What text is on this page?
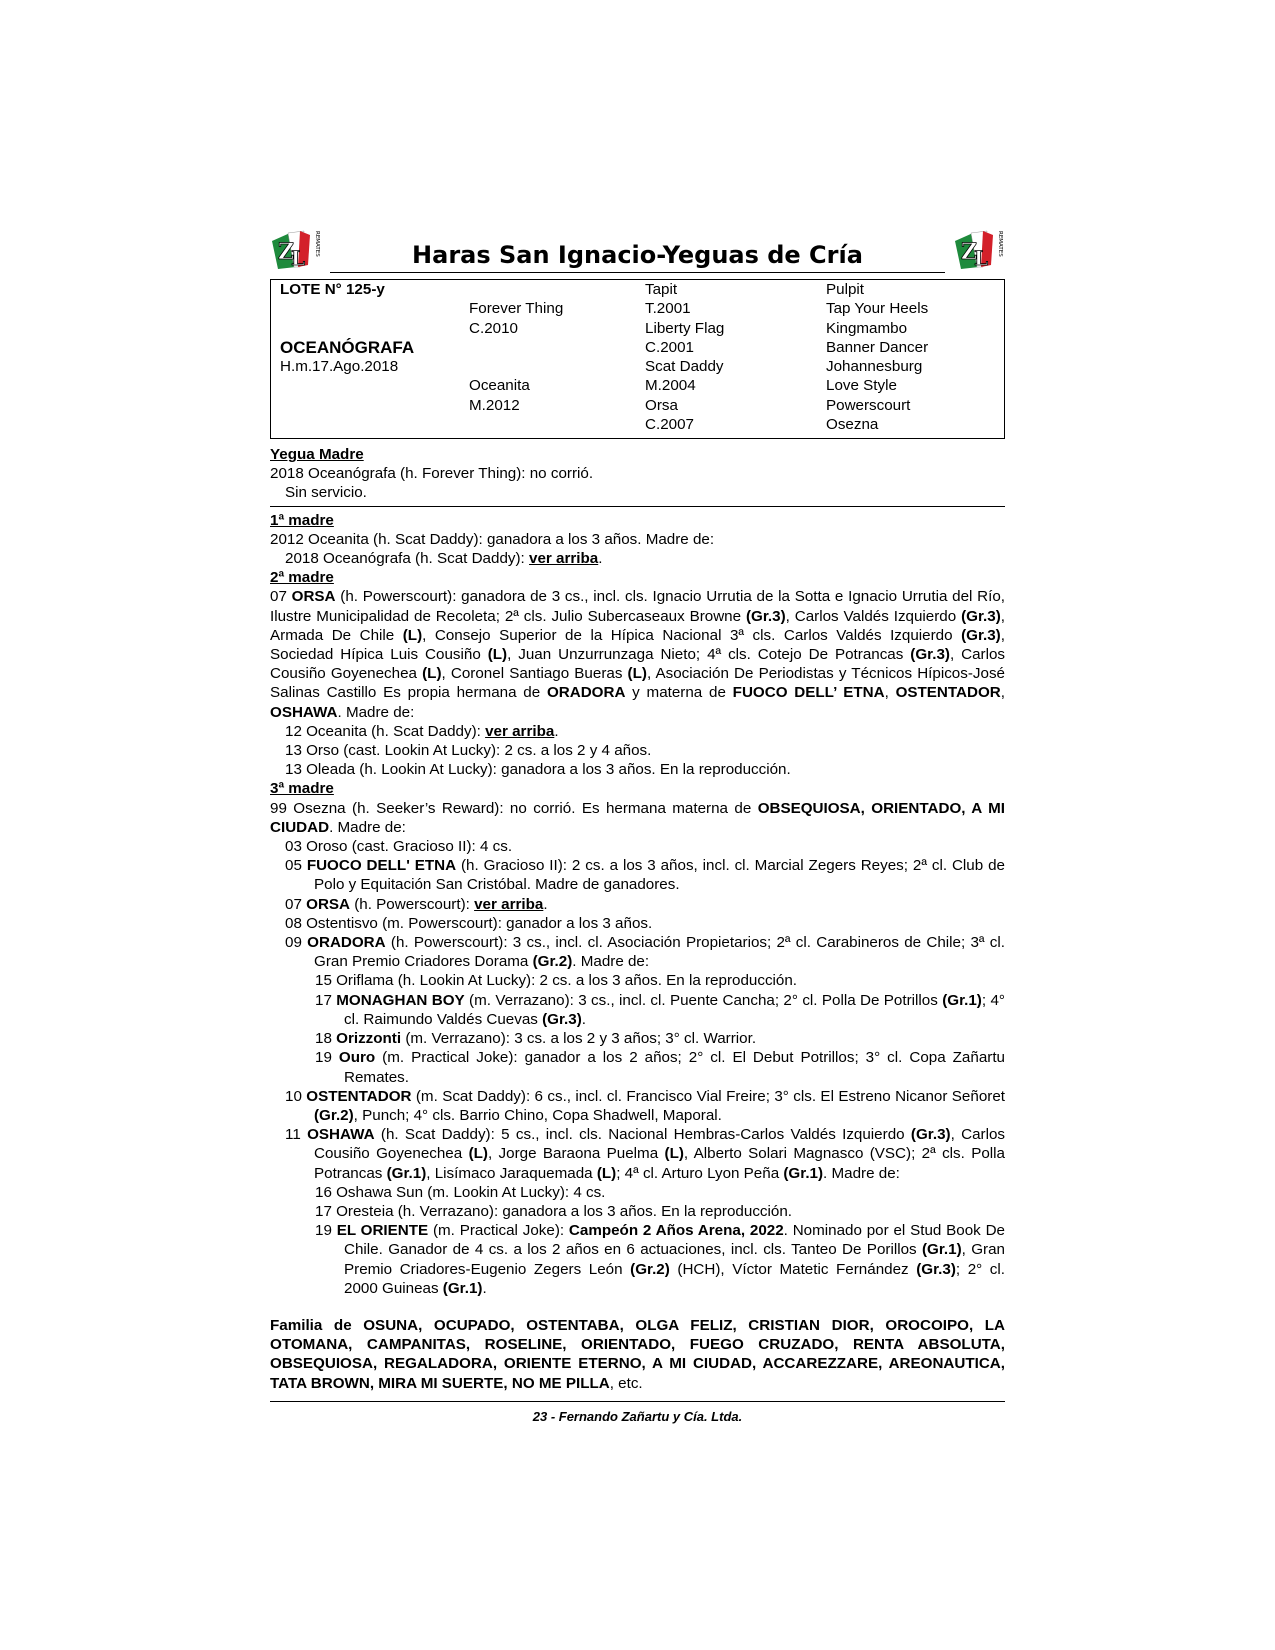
Z
L
REMATES	Haras San Ignacio-Yeguas de Cría	Z
L
REMATES
LOTE N° 125-y
OCEANÓGRAFA
H.m.17.Ago.2018
Forever Thing
C.2010
Oceanita
M.2012
Tapit
T.2001
Liberty Flag
C.2001
Scat Daddy
M.2004
Orsa
C.2007
Pulpit
Tap Your Heels
Kingmambo
Banner Dancer
Johannesburg
Love Style
Powerscourt
Osezna
Yegua Madre

2018 Oceanógrafa (h. Forever Thing): no corrió.

Sin servicio.

1ª madre

2012 Oceanita (h. Scat Daddy): ganadora a los 3 años. Madre de:

2018 Oceanógrafa (h. Scat Daddy): ver arriba.

2ª madre

07 ORSA (h. Powerscourt): ganadora de 3 cs., incl. cls. Ignacio Urrutia de la Sotta e Ignacio Urrutia del Río, Ilustre Municipalidad de Recoleta; 2ª cls. Julio Subercaseaux Browne (Gr.3), Carlos Valdés Izquierdo (Gr.3), Armada De Chile (L), Consejo Superior de la Hípica Nacional 3ª cls. Carlos Valdés Izquierdo (Gr.3), Sociedad Hípica Luis Cousiño (L), Juan Unzurrunzaga Nieto; 4ª cls. Cotejo De Potrancas (Gr.3), Carlos Cousiño Goyenechea (L), Coronel Santiago Bueras (L), Asociación De Periodistas y Técnicos Hípicos-José Salinas Castillo Es propia hermana de ORADORA y materna de FUOCO DELL’ ETNA, OSTENTADOR, OSHAWA. Madre de:

12 Oceanita (h. Scat Daddy): ver arriba.

13 Orso (cast. Lookin At Lucky): 2 cs. a los 2 y 4 años.

13 Oleada (h. Lookin At Lucky): ganadora a los 3 años. En la reproducción.

3ª madre

99 Osezna (h. Seeker’s Reward): no corrió. Es hermana materna de OBSEQUIOSA, ORIENTADO, A MI CIUDAD. Madre de:

03 Oroso (cast. Gracioso II): 4 cs.

05 FUOCO DELL' ETNA (h. Gracioso II): 2 cs. a los 3 años, incl. cl. Marcial Zegers Reyes; 2ª cl. Club de Polo y Equitación San Cristóbal. Madre de ganadores.

07 ORSA (h. Powerscourt): ver arriba.

08 Ostentisvo (m. Powerscourt): ganador a los 3 años.

09 ORADORA (h. Powerscourt): 3 cs., incl. cl. Asociación Propietarios; 2ª cl. Carabineros de Chile; 3ª cl. Gran Premio Criadores Dorama (Gr.2). Madre de:

15 Oriflama (h. Lookin At Lucky): 2 cs. a los 3 años. En la reproducción.

17 MONAGHAN BOY (m. Verrazano): 3 cs., incl. cl. Puente Cancha; 2° cl. Polla De Potrillos (Gr.1); 4° cl. Raimundo Valdés Cuevas (Gr.3).

18 Orizzonti (m. Verrazano): 3 cs. a los 2 y 3 años; 3° cl. Warrior.

19 Ouro (m. Practical Joke): ganador a los 2 años; 2° cl. El Debut Potrillos; 3° cl. Copa Zañartu Remates.

10 OSTENTADOR (m. Scat Daddy): 6 cs., incl. cl. Francisco Vial Freire; 3° cls. El Estreno Nicanor Señoret (Gr.2), Punch; 4° cls. Barrio Chino, Copa Shadwell, Maporal.

11 OSHAWA (h. Scat Daddy): 5 cs., incl. cls. Nacional Hembras-Carlos Valdés Izquierdo (Gr.3), Carlos Cousiño Goyenechea (L), Jorge Baraona Puelma (L), Alberto Solari Magnasco (VSC); 2ª cls. Polla Potrancas (Gr.1), Lisímaco Jaraquemada (L); 4ª cl. Arturo Lyon Peña (Gr.1). Madre de:

16 Oshawa Sun (m. Lookin At Lucky): 4 cs.

17 Oresteia (h. Verrazano): ganadora a los 3 años. En la reproducción.

19 EL ORIENTE (m. Practical Joke): Campeón 2 Años Arena, 2022. Nominado por el Stud Book De Chile. Ganador de 4 cs. a los 2 años en 6 actuaciones, incl. cls. Tanteo De Porillos (Gr.1), Gran Premio Criadores-Eugenio Zegers León (Gr.2) (HCH), Víctor Matetic Fernández (Gr.3); 2° cl. 2000 Guineas (Gr.1).

Familia de OSUNA, OCUPADO, OSTENTABA, OLGA FELIZ, CRISTIAN DIOR, OROCOIPO, LA OTOMANA, CAMPANITAS, ROSELINE, ORIENTADO, FUEGO CRUZADO, RENTA ABSOLUTA, OBSEQUIOSA, REGALADORA, ORIENTE ETERNO, A MI CIUDAD, ACCAREZZARE, AREONAUTICA, TATA BROWN, MIRA MI SUERTE, NO ME PILLA, etc.

23 - Fernando Zañartu y Cía. Ltda.
